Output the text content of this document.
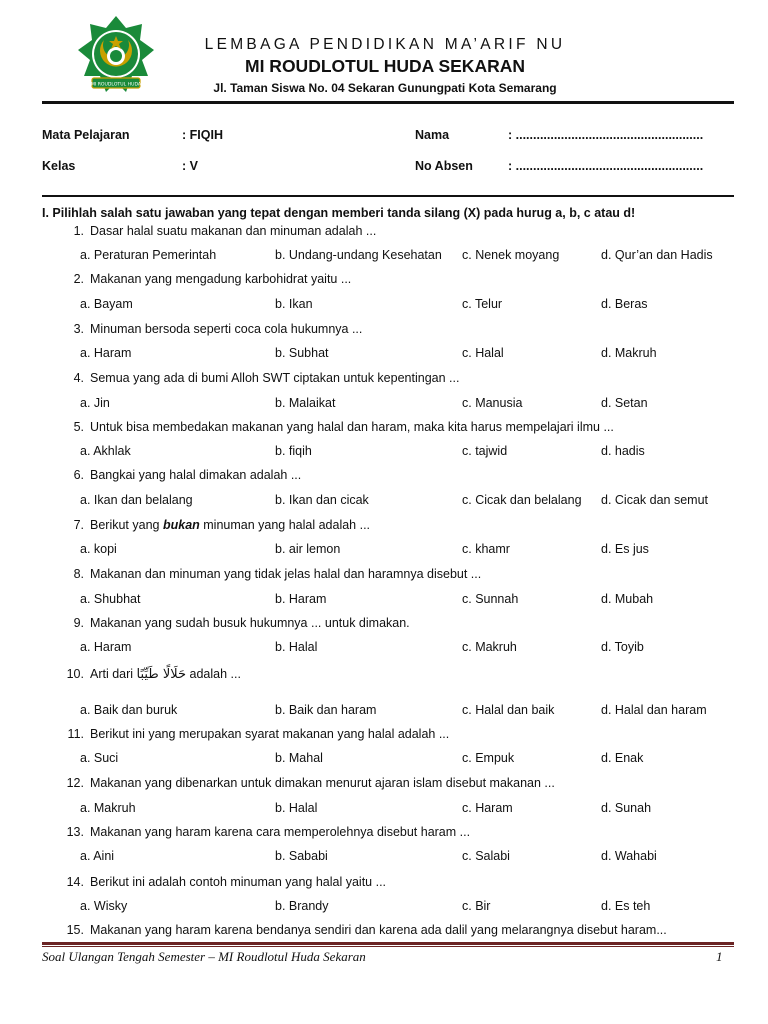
MI ROUDLOTUL HUDA
LEMBAGA PENDIDIKAN MA’ARIF NU
MI ROUDLOTUL HUDA SEKARAN
Jl. Taman Siswa No. 04 Sekaran Gunungpati Kota Semarang
Mata Pelajaran	: FIQIH	Nama	: ......................................................
Kelas	: V	No Absen	: ......................................................
I. Pilihlah salah satu jawaban yang tepat dengan memberi tanda silang (X) pada hurug a, b, c atau d!
1. Dasar halal suatu makanan dan minuman adalah ...
a. Peraturan Pemerintah	b. Undang-undang Kesehatan c. Nenek moyang	d. Qur’an dan Hadis
2. Makanan yang mengadung karbohidrat yaitu ...
a. Bayam	b. Ikan	c. Telur	d. Beras
3. Minuman bersoda seperti coca cola hukumnya ...
a. Haram	b. Subhat	c. Halal	d. Makruh
4. Semua yang ada di bumi Alloh SWT ciptakan untuk kepentingan ...
a. Jin	b. Malaikat	c. Manusia	d. Setan
5. Untuk bisa membedakan makanan yang halal dan haram, maka kita harus mempelajari ilmu ...
a. Akhlak	b. fiqih	c. tajwid	d. hadis
6. Bangkai yang halal dimakan adalah ...
a. Ikan dan belalang	b. Ikan dan cicak	c. Cicak dan belalang d. Cicak dan semut
7. Berikut yang bukan minuman yang halal adalah ...
a. kopi	b. air lemon	c. khamr	d. Es jus
8. Makanan dan minuman yang tidak jelas halal dan haramnya disebut ...
a. Shubhat	b. Haram	c. Sunnah	d. Mubah
9. Makanan yang sudah busuk hukumnya ... untuk dimakan.
a. Haram	b. Halal	c. Makruh	d. Toyib
10. Arti dari حَلَالًا طَيِّبًا adalah ...
a. Baik dan buruk	b. Baik dan haram	c. Halal dan baik	d. Halal dan haram
11. Berikut ini yang merupakan syarat makanan yang halal adalah ...
a. Suci	b. Mahal	c. Empuk	d. Enak
12. Makanan yang dibenarkan untuk dimakan menurut ajaran islam disebut makanan ...
a. Makruh	b. Halal	c. Haram	d. Sunah
13. Makanan yang haram karena cara memperolehnya disebut haram ...
a. Aini	b. Sababi	c. Salabi	d. Wahabi
14. Berikut ini adalah contoh minuman yang halal yaitu ...
a. Wisky	b. Brandy	c. Bir	d. Es teh
15. Makanan yang haram karena bendanya sendiri dan karena ada dalil yang melarangnya disebut haram...
Soal Ulangan Tengah Semester – MI Roudlotul Huda Sekaran	1
